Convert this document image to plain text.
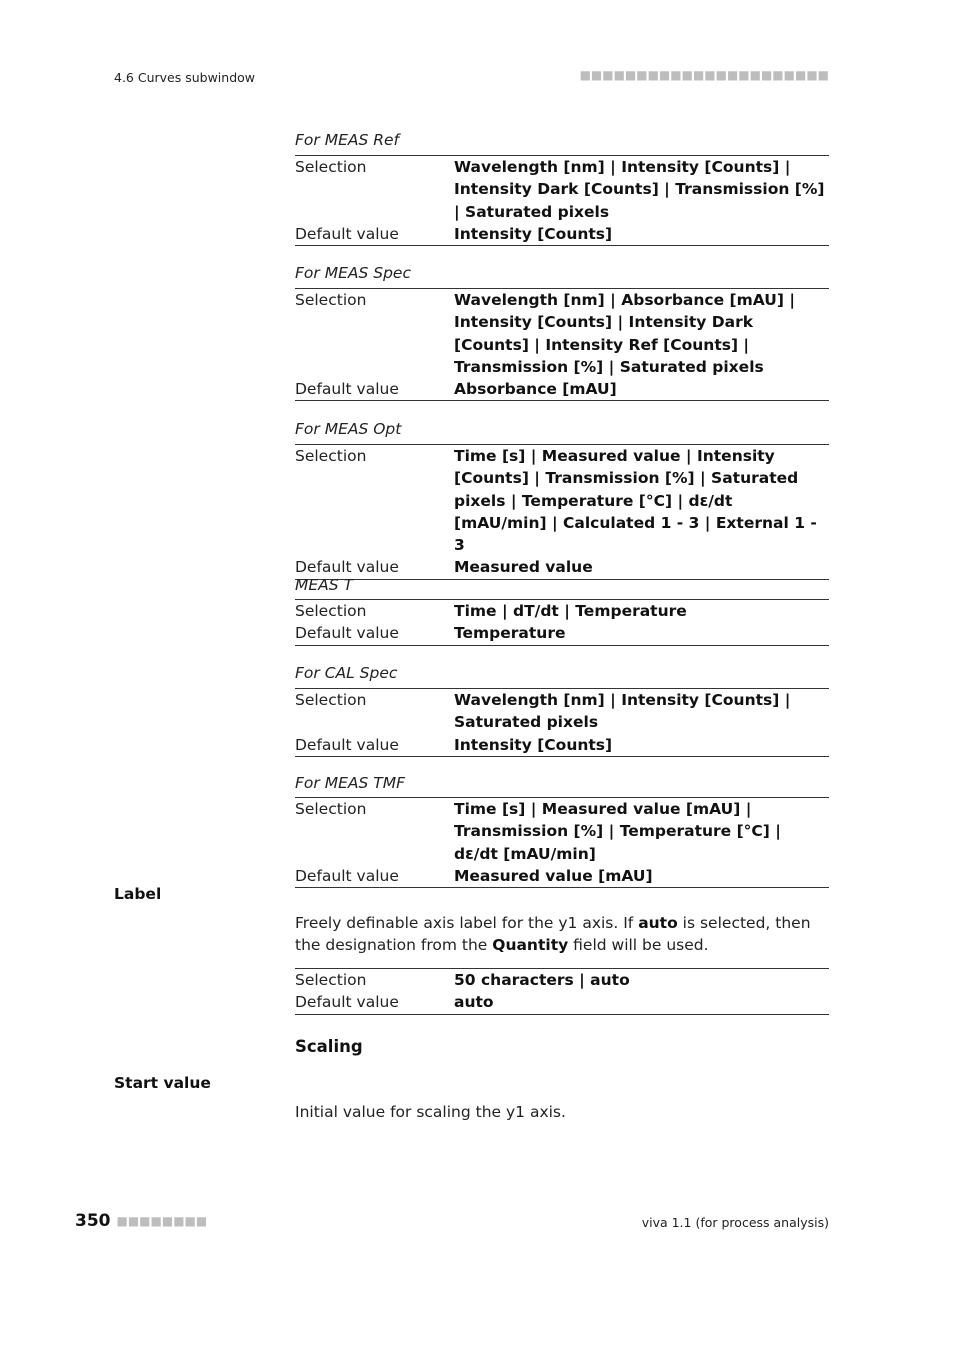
4.6 Curves subwindow	■■■■■■■■■■■■■■■■■■■■■■
For MEAS Ref
Selection	Wavelength [nm] | Intensity [Counts] | Intensity Dark [Counts] | Transmission [%] | Saturated pixels
Default value	Intensity [Counts]
For MEAS Spec
Selection	Wavelength [nm] | Absorbance [mAU] | Intensity [Counts] | Intensity Dark [Counts] | Intensity Ref [Counts] | Transmission [%] | Saturated pixels
Default value	Absorbance [mAU]
For MEAS Opt
Selection	Time [s] | Measured value | Intensity [Counts] | Transmission [%] | Saturated pixels | Temperature [°C] | dε/dt [mAU/min] | Calculated 1 - 3 | External 1 - 3
Default value	Measured value
MEAS T
Selection	Time | dT/dt | Temperature
Default value	Temperature
For CAL Spec
Selection	Wavelength [nm] | Intensity [Counts] | Saturated pixels
Default value	Intensity [Counts]
For MEAS TMF
Selection	Time [s] | Measured value [mAU] | Transmission [%] | Temperature [°C] | dε/dt [mAU/min]
Default value	Measured value [mAU]
Label
Freely definable axis label for the y1 axis. If auto is selected, then the designation from the Quantity field will be used.
Selection	50 characters | auto
Default value	auto
Scaling
Start value
Initial value for scaling the y1 axis.
350 ■■■■■■■■	viva 1.1 (for process analysis)
